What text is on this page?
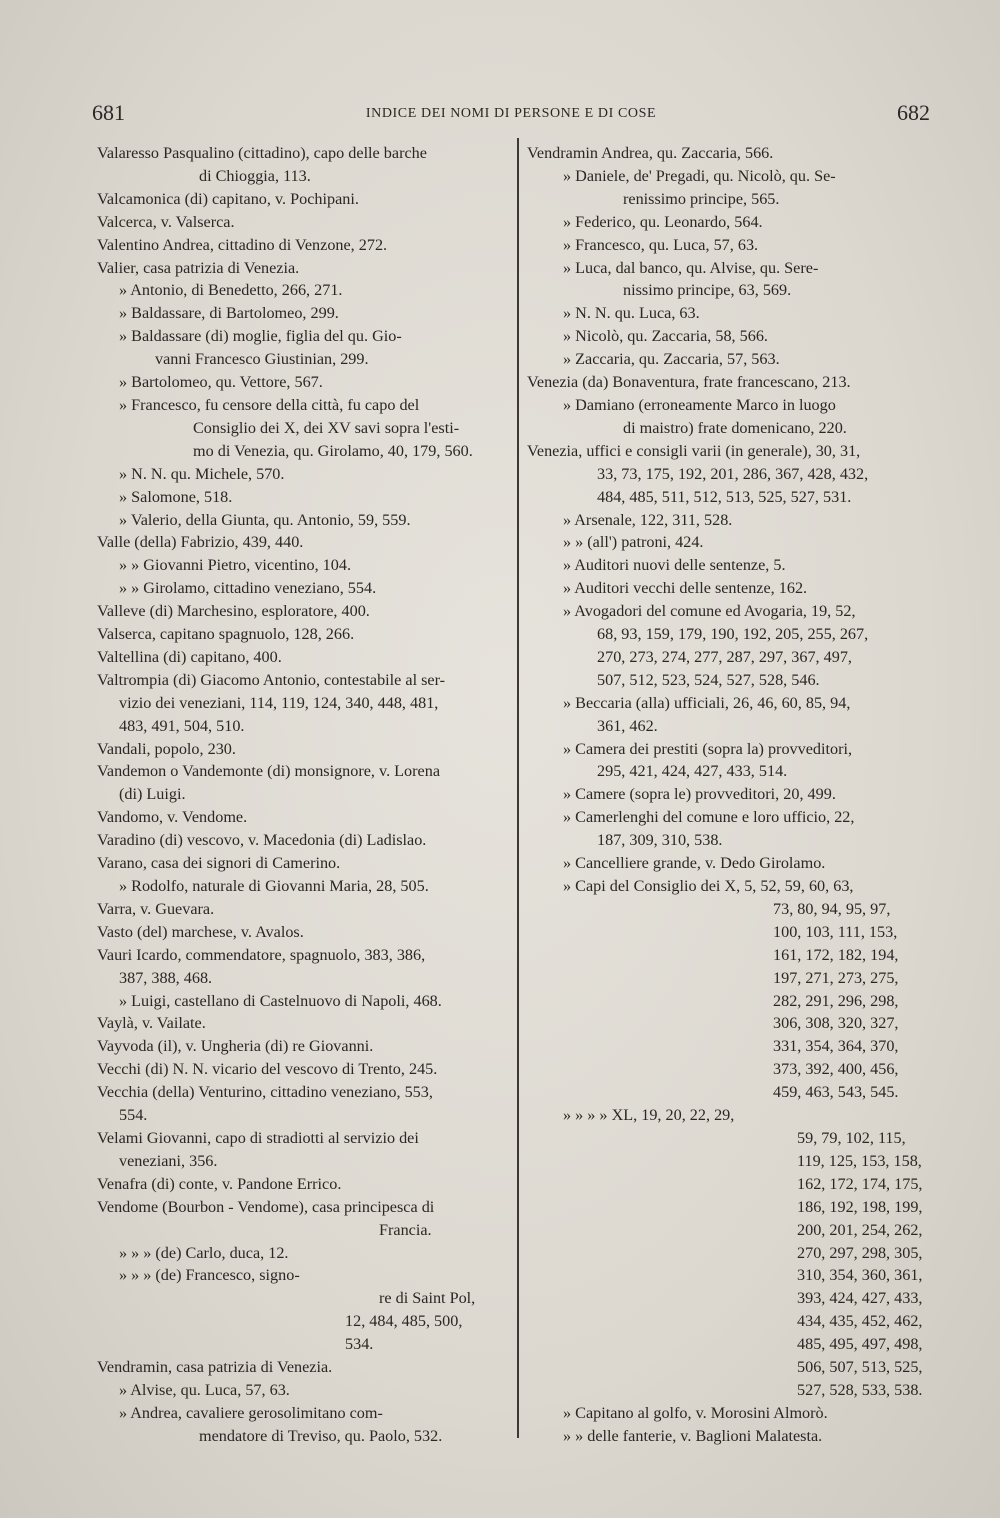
681	INDICE DEI NOMI DI PERSONE E DI COSE	682
Valaresso Pasqualino (cittadino), capo delle barche
di Chioggia, 113.
Valcamonica (di) capitano, v. Pochipani.
Valcerca, v. Valserca.
Valentino Andrea, cittadino di Venzone, 272.
Valier, casa patrizia di Venezia.
» Antonio, di Benedetto, 266, 271.
» Baldassare, di Bartolomeo, 299.
» Baldassare (di) moglie, figlia del qu. Gio-
vanni Francesco Giustinian, 299.
» Bartolomeo, qu. Vettore, 567.
» Francesco, fu censore della città, fu capo del
Consiglio dei X, dei XV savi sopra l'esti-
mo di Venezia, qu. Girolamo, 40, 179, 560.
» N. N. qu. Michele, 570.
» Salomone, 518.
» Valerio, della Giunta, qu. Antonio, 59, 559.
Valle (della) Fabrizio, 439, 440.
» » Giovanni Pietro, vicentino, 104.
» » Girolamo, cittadino veneziano, 554.
Valleve (di) Marchesino, esploratore, 400.
Valserca, capitano spagnuolo, 128, 266.
Valtellina (di) capitano, 400.
Valtrompia (di) Giacomo Antonio, contestabile al ser-
vizio dei veneziani, 114, 119, 124, 340, 448, 481,
483, 491, 504, 510.
Vandali, popolo, 230.
Vandemon o Vandemonte (di) monsignore, v. Lorena
(di) Luigi.
Vandomo, v. Vendome.
Varadino (di) vescovo, v. Macedonia (di) Ladislao.
Varano, casa dei signori di Camerino.
» Rodolfo, naturale di Giovanni Maria, 28, 505.
Varra, v. Guevara.
Vasto (del) marchese, v. Avalos.
Vauri Icardo, commendatore, spagnuolo, 383, 386,
387, 388, 468.
» Luigi, castellano di Castelnuovo di Napoli, 468.
Vaylà, v. Vailate.
Vayvoda (il), v. Ungheria (di) re Giovanni.
Vecchi (di) N. N. vicario del vescovo di Trento, 245.
Vecchia (della) Venturino, cittadino veneziano, 553,
554.
Velami Giovanni, capo di stradiotti al servizio dei
veneziani, 356.
Venafra (di) conte, v. Pandone Errico.
Vendome (Bourbon - Vendome), casa principesca di
Francia.
» » » (de) Carlo, duca, 12.
» » » (de) Francesco, signo-
re di Saint Pol,
12, 484, 485, 500,
534.
Vendramin, casa patrizia di Venezia.
» Alvise, qu. Luca, 57, 63.
» Andrea, cavaliere gerosolimitano com-
mendatore di Treviso, qu. Paolo, 532.
Vendramin Andrea, qu. Zaccaria, 566.
» Daniele, de' Pregadi, qu. Nicolò, qu. Se-
renissimo principe, 565.
» Federico, qu. Leonardo, 564.
» Francesco, qu. Luca, 57, 63.
» Luca, dal banco, qu. Alvise, qu. Sere-
nissimo principe, 63, 569.
» N. N. qu. Luca, 63.
» Nicolò, qu. Zaccaria, 58, 566.
» Zaccaria, qu. Zaccaria, 57, 563.
Venezia (da) Bonaventura, frate francescano, 213.
» Damiano (erroneamente Marco in luogo
di maistro) frate domenicano, 220.
Venezia, uffici e consigli varii (in generale), 30, 31,
33, 73, 175, 192, 201, 286, 367, 428, 432,
484, 485, 511, 512, 513, 525, 527, 531.
» Arsenale, 122, 311, 528.
» » (all') patroni, 424.
» Auditori nuovi delle sentenze, 5.
» Auditori vecchi delle sentenze, 162.
» Avogadori del comune ed Avogaria, 19, 52,
68, 93, 159, 179, 190, 192, 205, 255, 267,
270, 273, 274, 277, 287, 297, 367, 497,
507, 512, 523, 524, 527, 528, 546.
» Beccaria (alla) ufficiali, 26, 46, 60, 85, 94,
361, 462.
» Camera dei prestiti (sopra la) provveditori,
295, 421, 424, 427, 433, 514.
» Camere (sopra le) provveditori, 20, 499.
» Camerlenghi del comune e loro ufficio, 22,
187, 309, 310, 538.
» Cancelliere grande, v. Dedo Girolamo.
» Capi del Consiglio dei X, 5, 52, 59, 60, 63,
73, 80, 94, 95, 97,
100, 103, 111, 153,
161, 172, 182, 194,
197, 271, 273, 275,
282, 291, 296, 298,
306, 308, 320, 327,
331, 354, 364, 370,
373, 392, 400, 456,
459, 463, 543, 545.
» » » » XL, 19, 20, 22, 29,
59, 79, 102, 115,
119, 125, 153, 158,
162, 172, 174, 175,
186, 192, 198, 199,
200, 201, 254, 262,
270, 297, 298, 305,
310, 354, 360, 361,
393, 424, 427, 433,
434, 435, 452, 462,
485, 495, 497, 498,
506, 507, 513, 525,
527, 528, 533, 538.
» Capitano al golfo, v. Morosini Almorò.
» » delle fanterie, v. Baglioni Malatesta.
